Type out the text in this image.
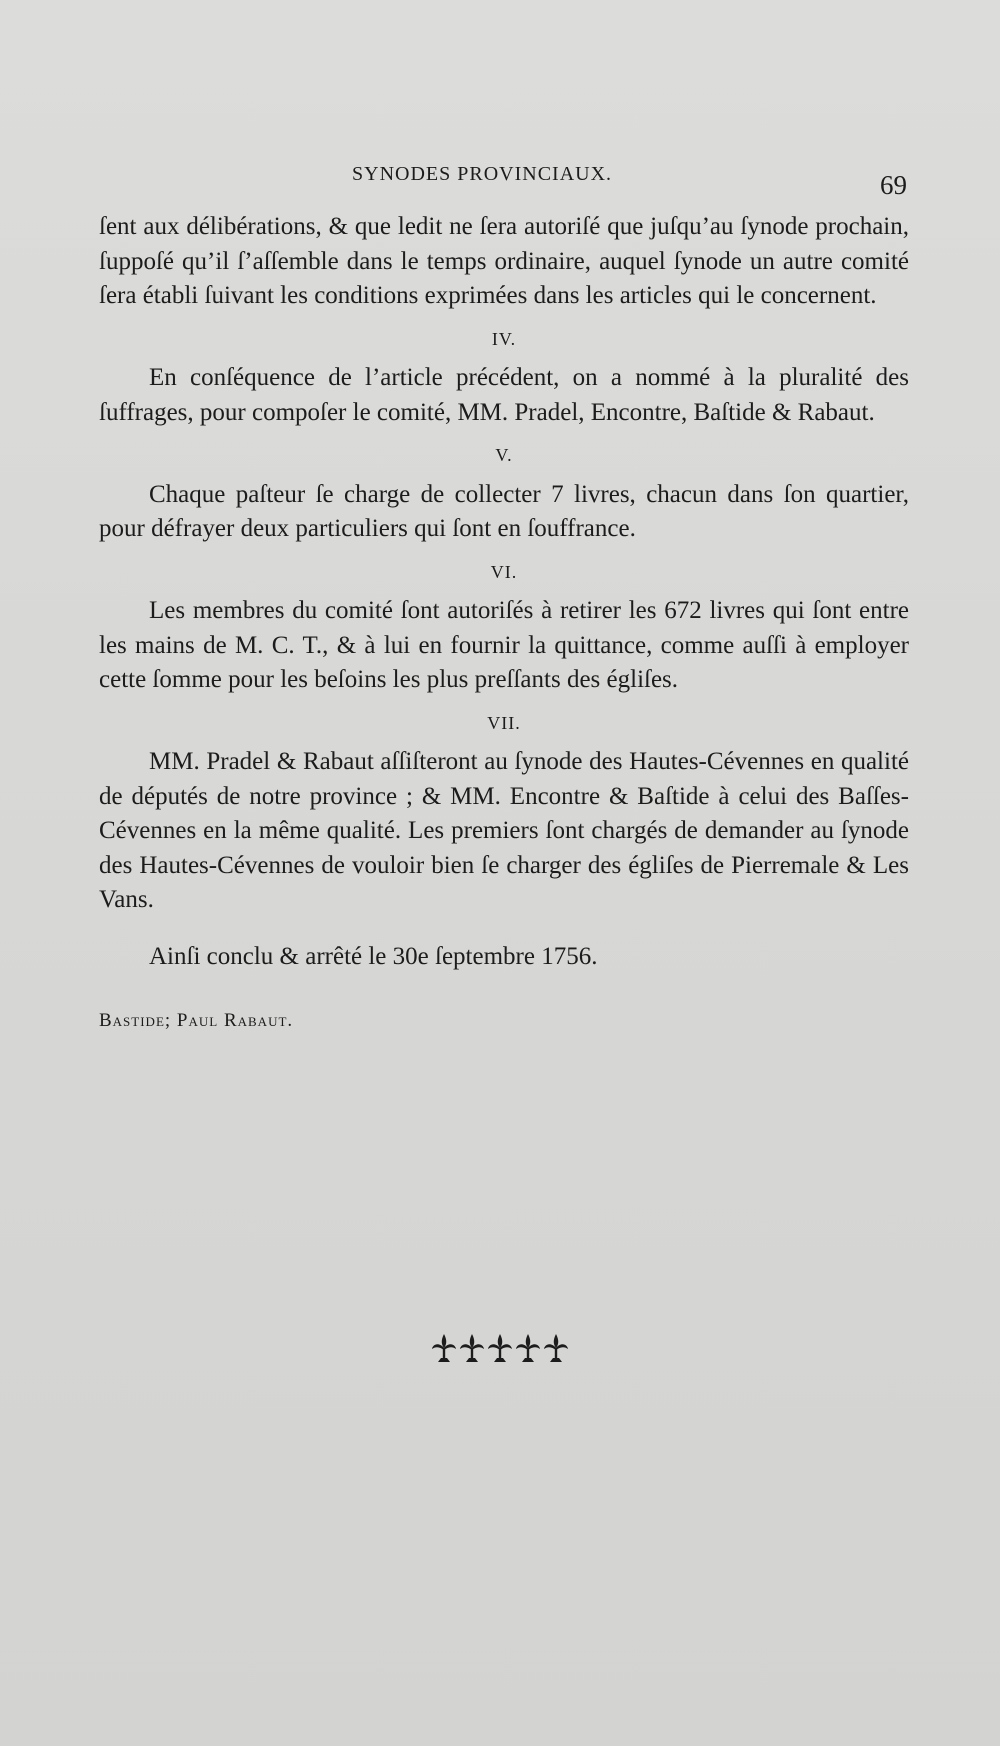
SYNODES PROVINCIAUX.	69

ſent aux délibérations, & que ledit ne ſera autoriſé que juſqu’au ſynode prochain, ſuppoſé qu’il ſ’aſſemble dans le temps ordinaire, auquel ſynode un autre comité ſera établi ſuivant les conditions exprimées dans les articles qui le concernent.

IV.

En conſéquence de l’article précédent, on a nommé à la pluralité des ſuffrages, pour compoſer le comité, MM. Pradel, Encontre, Baſtide & Rabaut.

V.

Chaque paſteur ſe charge de collecter 7 livres, chacun dans ſon quartier, pour défrayer deux particuliers qui ſont en ſouffrance.

VI.

Les membres du comité ſont autoriſés à retirer les 672 livres qui ſont entre les mains de M. C. T., & à lui en fournir la quittance, comme auſſi à employer cette ſomme pour les beſoins les plus preſſants des égliſes.

VII.

MM. Pradel & Rabaut aſſiſteront au ſynode des Hautes-Cévennes en qualité de députés de notre province ; & MM. Encontre & Baſtide à celui des Baſſes-Cévennes en la même qualité. Les premiers ſont chargés de demander au ſynode des Hautes-Cévennes de vouloir bien ſe charger des égliſes de Pierremale & Les Vans.

Ainſi conclu & arrêté le 30e ſeptembre 1756.

Bastide; Paul Rabaut.
